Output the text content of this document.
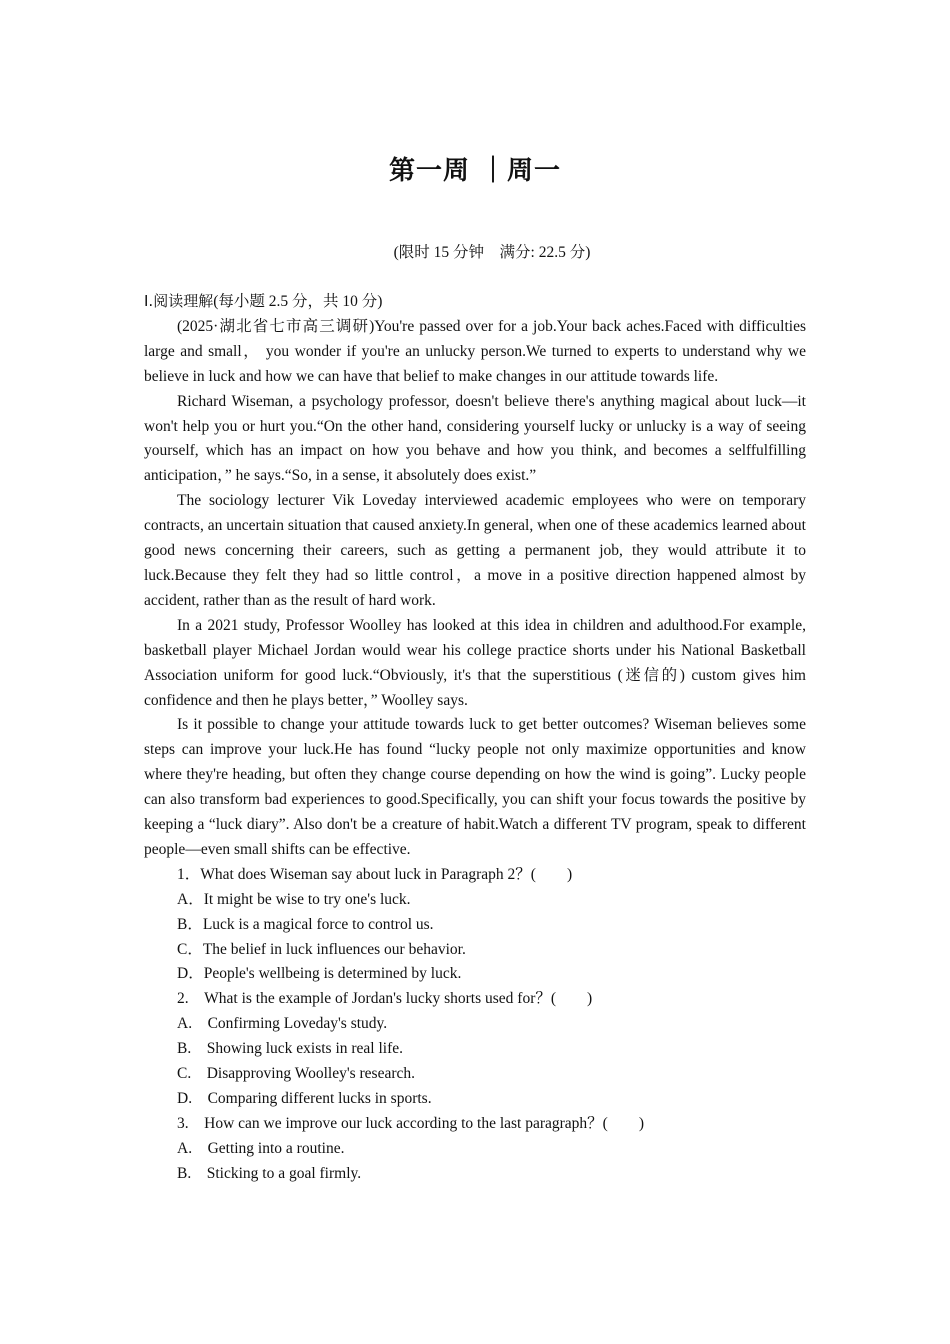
第一周 ｜周一
(限时 15 分钟　满分: 22.5 分)

Ⅰ.阅读理解(每小题 2.5 分，共 10 分)

(2025·湖北省七市高三调研)You're passed over for a job.Your back aches.Faced with difficulties large and small， you wonder if you're an unlucky person.We turned to experts to understand why we believe in luck and how we can have that belief to make changes in our attitude towards life.

Richard Wiseman, a psychology professor, doesn't believe there's anything magical about luck—it won't help you or hurt you.“On the other hand, considering yourself lucky or unlucky is a way of seeing yourself, which has an impact on how you behave and how you think, and becomes a selffulfilling anticipation，” he says.“So, in a sense, it absolutely does exist.”

The sociology lecturer Vik Loveday interviewed academic employees who were on temporary contracts, an uncertain situation that caused anxiety.In general, when one of these academics learned about good news concerning their careers, such as getting a permanent job, they would attribute it to luck.Because they felt they had so little control，a move in a positive direction happened almost by accident, rather than as the result of hard work.

In a 2021 study, Professor Woolley has looked at this idea in children and adulthood.For example, basketball player Michael Jordan would wear his college practice shorts under his National Basketball Association uniform for good luck.“Obviously, it's that the superstitious (迷信的) custom gives him confidence and then he plays better，” Woolley says.

Is it possible to change your attitude towards luck to get better outcomes? Wiseman believes some steps can improve your luck.He has found “lucky people not only maximize opportunities and know where they're heading, but often they change course depending on how the wind is going”. Lucky people can also transform bad experiences to good.Specifically, you can shift your focus towards the positive by keeping a “luck diary”. Also don't be a creature of habit.Watch a different TV program, speak to different people—even small shifts can be effective.

1．What does Wiseman say about luck in Paragraph 2？(　　)

A．It might be wise to try one's luck.

B．Luck is a magical force to control us.

C．The belief in luck influences our behavior.

D．People's wellbeing is determined by luck.

2.　What is the example of Jordan's lucky shorts used for？(　　)

A.　Confirming Loveday's study.

B.　Showing luck exists in real life.

C.　Disapproving Woolley's research.

D.　Comparing different lucks in sports.

3.　How can we improve our luck according to the last paragraph？(　　)

A.　Getting into a routine.

B.　Sticking to a goal firmly.
